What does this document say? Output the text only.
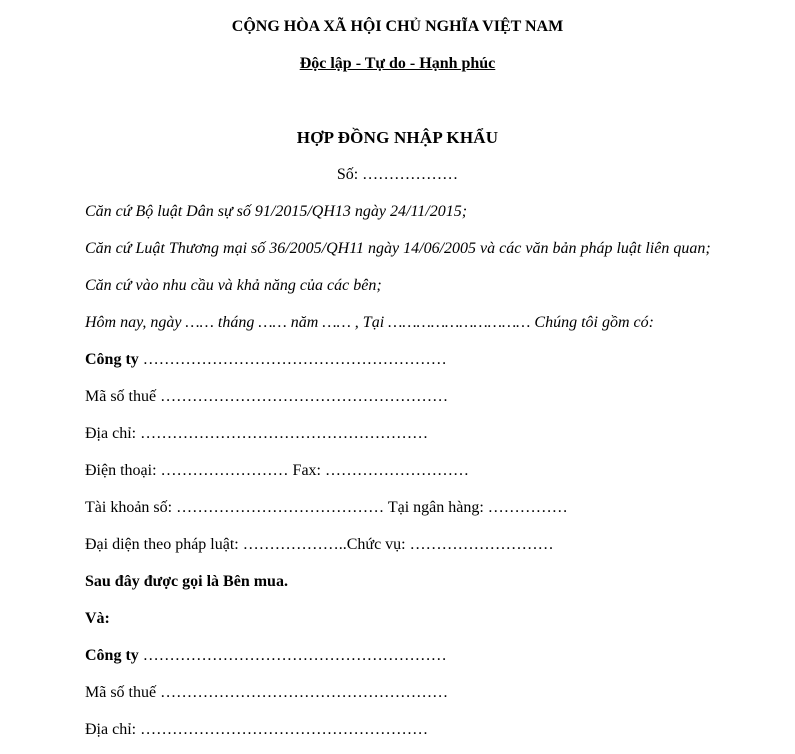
CỘNG HÒA XÃ HỘI CHỦ NGHĨA VIỆT NAM

Độc lập - Tự do - Hạnh phúc

HỢP ĐỒNG NHẬP KHẨU

Số: ………………

Căn cứ Bộ luật Dân sự số 91/2015/QH13 ngày 24/11/2015;

Căn cứ Luật Thương mại số 36/2005/QH11 ngày 14/06/2005 và các văn bản pháp luật liên quan;

Căn cứ vào nhu cầu và khả năng của các bên;

Hôm nay, ngày …… tháng …… năm …… , Tại ………………………… Chúng tôi gồm có:

Công ty …………………………………………………

Mã số thuế ………………………………………………

Địa chỉ: ………………………………………………

Điện thoại: …………………… Fax: ………………………

Tài khoản số: ………………………………… Tại ngân hàng: ……………

Đại diện theo pháp luật: ………………..Chức vụ: ………………………

Sau đây được gọi là Bên mua.

Và:

Công ty …………………………………………………

Mã số thuế ………………………………………………

Địa chỉ: ………………………………………………
